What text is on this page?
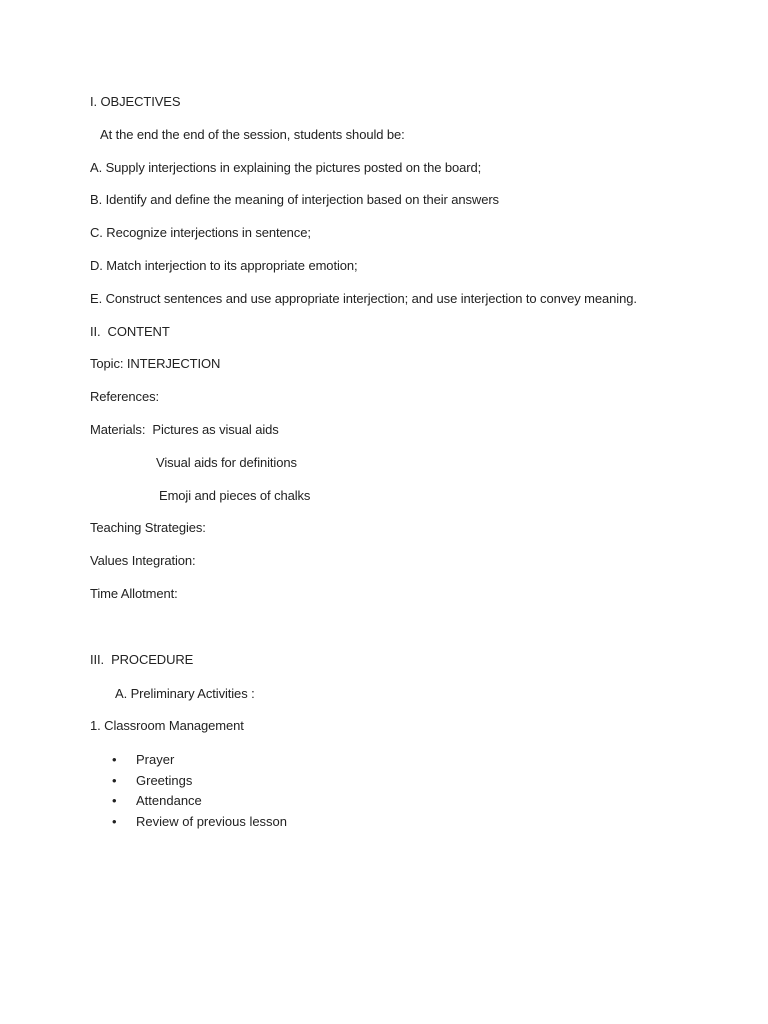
I. OBJECTIVES
At the end the end of the session, students should be:
A. Supply interjections in explaining the pictures posted on the board;
B. Identify and define the meaning of interjection based on their answers
C. Recognize interjections in sentence;
D. Match interjection to its appropriate emotion;
E. Construct sentences and use appropriate interjection; and use interjection to convey meaning.
II.  CONTENT
Topic: INTERJECTION
References:
Materials:  Pictures as visual aids
Visual aids for definitions
Emoji and pieces of chalks
Teaching Strategies:
Values Integration:
Time Allotment:
III.  PROCEDURE
A. Preliminary Activities :
1. Classroom Management

•

	Prayer

•

	Greetings

•

	Attendance

•

	Review of previous lesson
